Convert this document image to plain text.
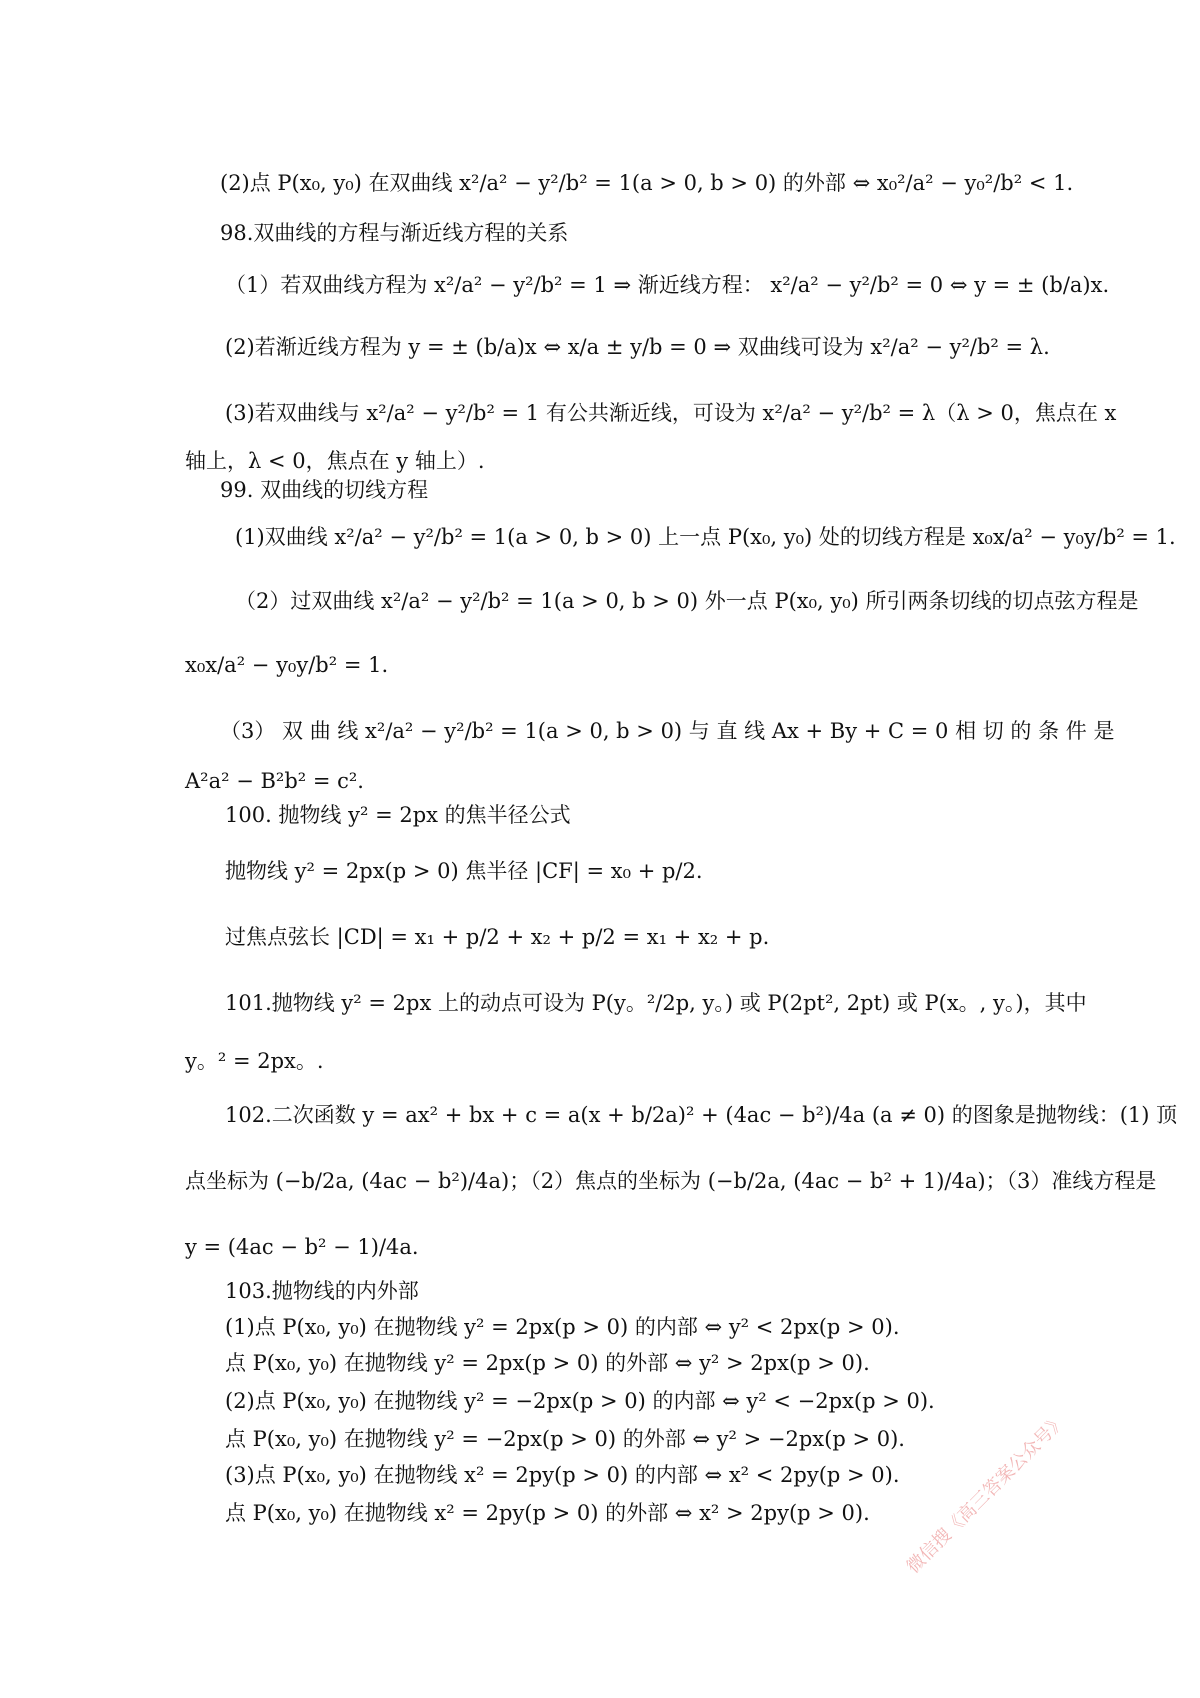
(2)点 P(x₀, y₀) 在双曲线 x²/a² − y²/b² = 1(a > 0, b > 0) 的外部 ⇔ x₀²/a² − y₀²/b² < 1.
98.双曲线的方程与渐近线方程的关系
（1）若双曲线方程为 x²/a² − y²/b² = 1 ⇒ 渐近线方程： x²/a² − y²/b² = 0 ⇔ y = ± (b/a)x.
(2)若渐近线方程为 y = ± (b/a)x ⇔ x/a ± y/b = 0 ⇒ 双曲线可设为 x²/a² − y²/b² = λ.
(3)若双曲线与 x²/a² − y²/b² = 1 有公共渐近线，可设为 x²/a² − y²/b² = λ（λ > 0，焦点在 x
轴上，λ < 0，焦点在 y 轴上）.
99. 双曲线的切线方程
(1)双曲线 x²/a² − y²/b² = 1(a > 0, b > 0) 上一点 P(x₀, y₀) 处的切线方程是 x₀x/a² − y₀y/b² = 1.
（2）过双曲线 x²/a² − y²/b² = 1(a > 0, b > 0) 外一点 P(x₀, y₀) 所引两条切线的切点弦方程是
x₀x/a² − y₀y/b² = 1.
（3） 双 曲 线 x²/a² − y²/b² = 1(a > 0, b > 0) 与 直 线 Ax + By + C = 0 相 切 的 条 件 是
A²a² − B²b² = c².
100. 抛物线 y² = 2px 的焦半径公式
抛物线 y² = 2px(p > 0) 焦半径 |CF| = x₀ + p/2.
过焦点弦长 |CD| = x₁ + p/2 + x₂ + p/2 = x₁ + x₂ + p.
101.抛物线 y² = 2px 上的动点可设为 P(y。²/2p, y。) 或 P(2pt², 2pt) 或 P(x。, y。)，其中
y。² = 2px。.
102.二次函数 y = ax² + bx + c = a(x + b/2a)² + (4ac − b²)/4a (a ≠ 0) 的图象是抛物线：(1) 顶
点坐标为 (−b/2a, (4ac − b²)/4a)；（2）焦点的坐标为 (−b/2a, (4ac − b² + 1)/4a)；（3）准线方程是
y = (4ac − b² − 1)/4a.
103.抛物线的内外部
(1)点 P(x₀, y₀) 在抛物线 y² = 2px(p > 0) 的内部 ⇔ y² < 2px(p > 0).
点 P(x₀, y₀) 在抛物线 y² = 2px(p > 0) 的外部 ⇔ y² > 2px(p > 0).
(2)点 P(x₀, y₀) 在抛物线 y² = −2px(p > 0) 的内部 ⇔ y² < −2px(p > 0).
点 P(x₀, y₀) 在抛物线 y² = −2px(p > 0) 的外部 ⇔ y² > −2px(p > 0).
(3)点 P(x₀, y₀) 在抛物线 x² = 2py(p > 0) 的内部 ⇔ x² < 2py(p > 0).
点 P(x₀, y₀) 在抛物线 x² = 2py(p > 0) 的外部 ⇔ x² > 2py(p > 0).	微信搜《高三答案公众号》
